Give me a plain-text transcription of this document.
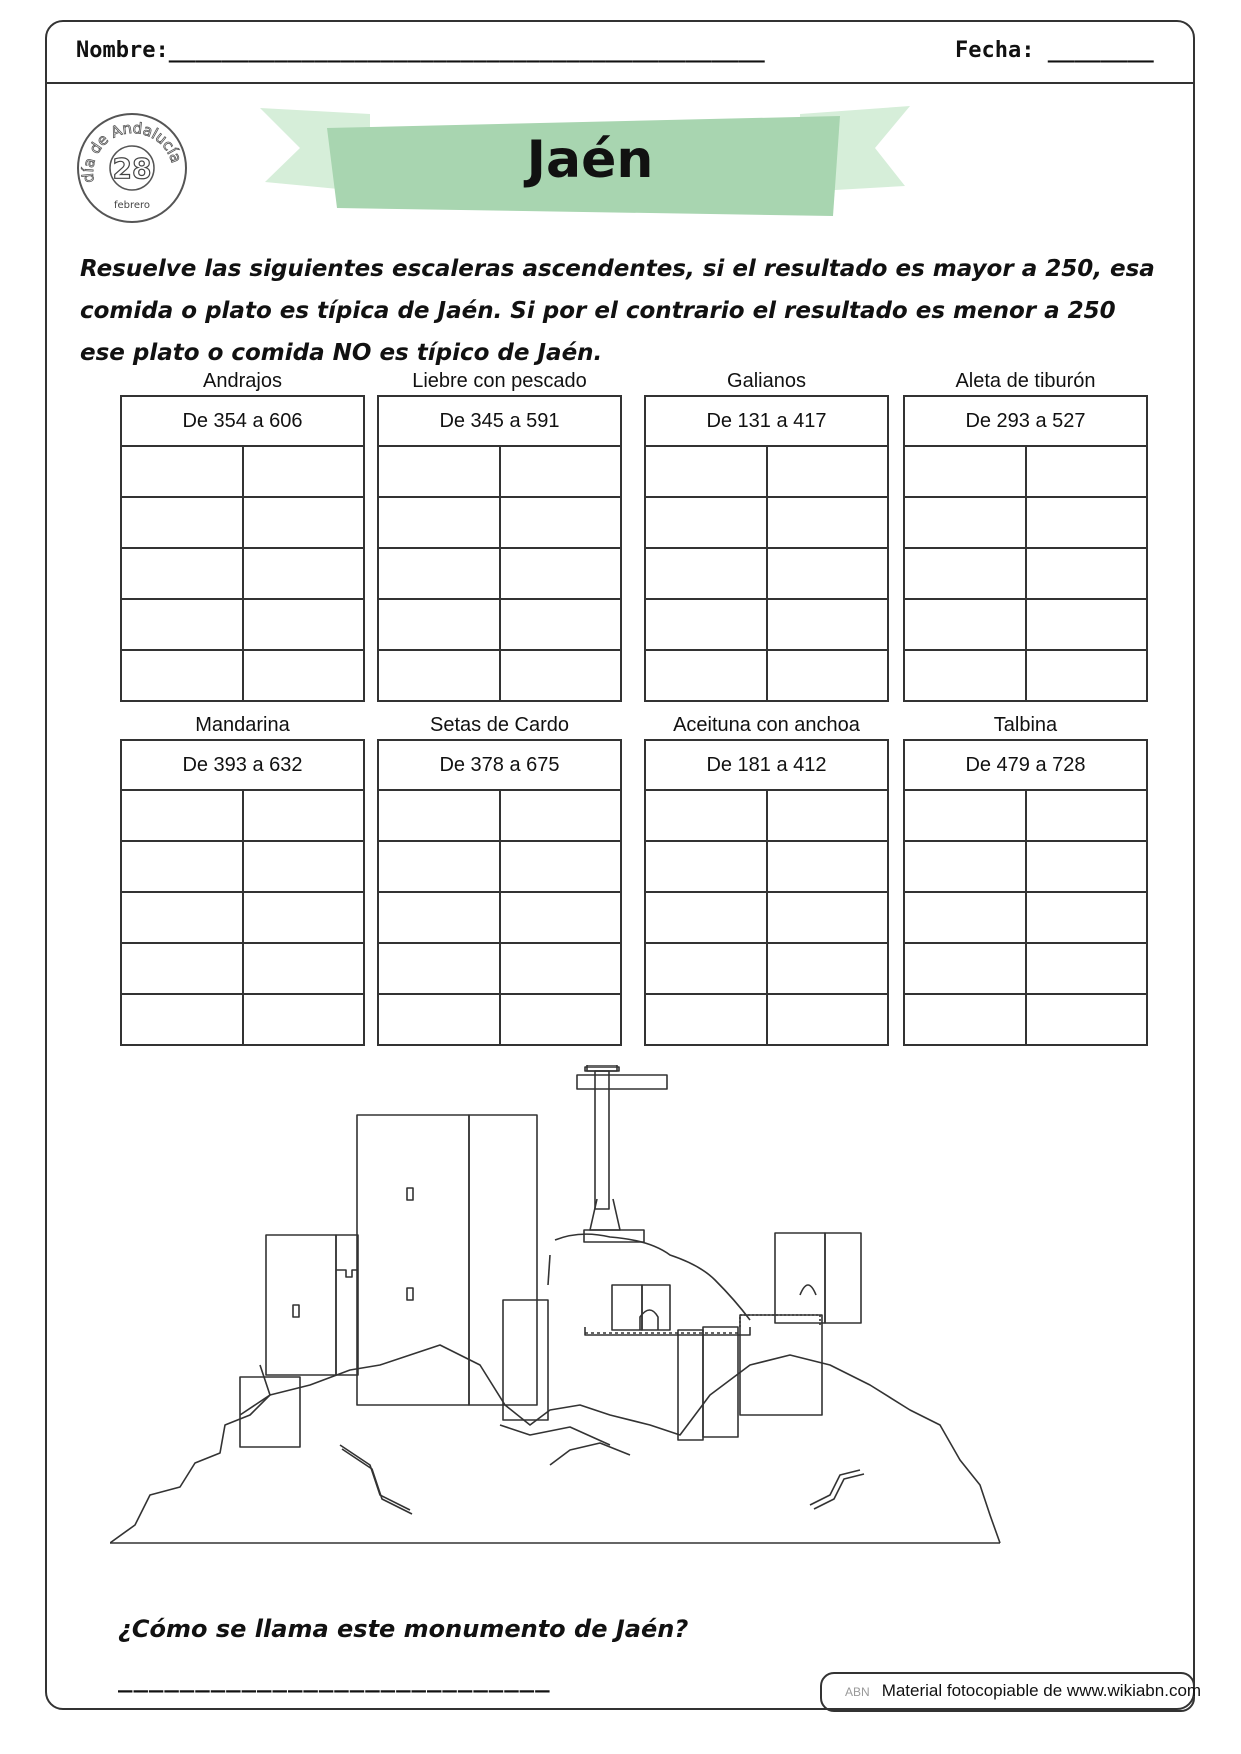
Nombre:_____________________________________________	Fecha: ________
28
día de Andalucía
febrero
Jaén
Resuelve las siguientes escaleras ascendentes, si el resultado es mayor a 250, esa comida o plato es típica de Jaén. Si por el contrario el resultado es menor a 250 ese plato o comida NO es típico de Jaén.
Andrajos
De 354 a 606
Liebre con pescado
De 345 a 591
Galianos
De 131 a 417
Aleta de tiburón
De 293 a 527
Mandarina
De 393 a 632
Setas de Cardo
De 378 a 675
Aceituna con anchoa
De 181 a 412
Talbina
De 479 a 728
¿Cómo se llama este monumento de Jaén?
____________________________	ABN Material fotocopiable de www.wikiabn.com
